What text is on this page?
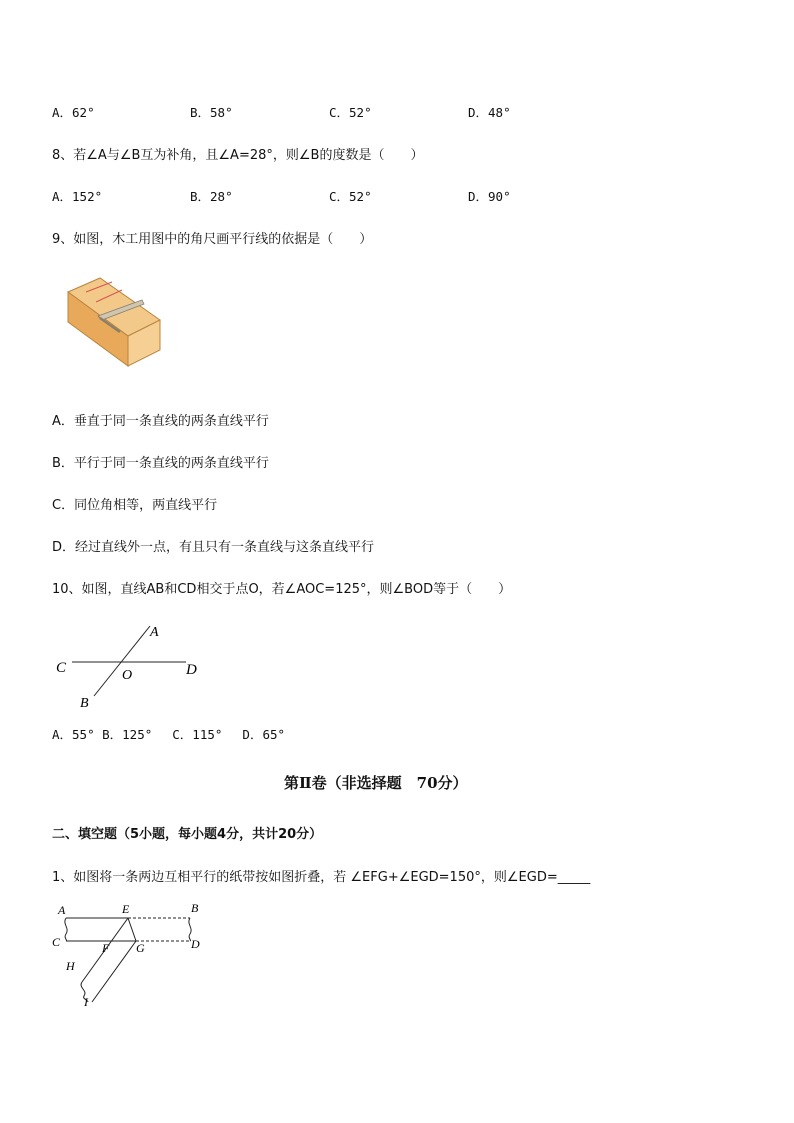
A．62°	B．58°	C．52°	D．48°
8、若∠A与∠B互为补角，且∠A=28°，则∠B的度数是（　　）
A．152°	B．28°	C．52°	D．90°
9、如图，木工用图中的角尺画平行线的依据是（　　）
A．垂直于同一条直线的两条直线平行
B．平行于同一条直线的两条直线平行
C．同位角相等，两直线平行
D．经过直线外一点，有且只有一条直线与这条直线平行
10、如图，直线AB和CD相交于点O，若∠AOC=125°，则∠BOD等于（　　）
A
C	D
O
B
A．55° B．125°　 C．115°　 D．65°
第Ⅱ卷（非选择题　70分）
二、填空题（5小题，每小题4分，共计20分）
1、如图将一条两边互相平行的纸带按如图折叠，若 ∠EFG+∠EGD=150°，则∠EGD=_____
A	E	B
C	F G	D
H
I
